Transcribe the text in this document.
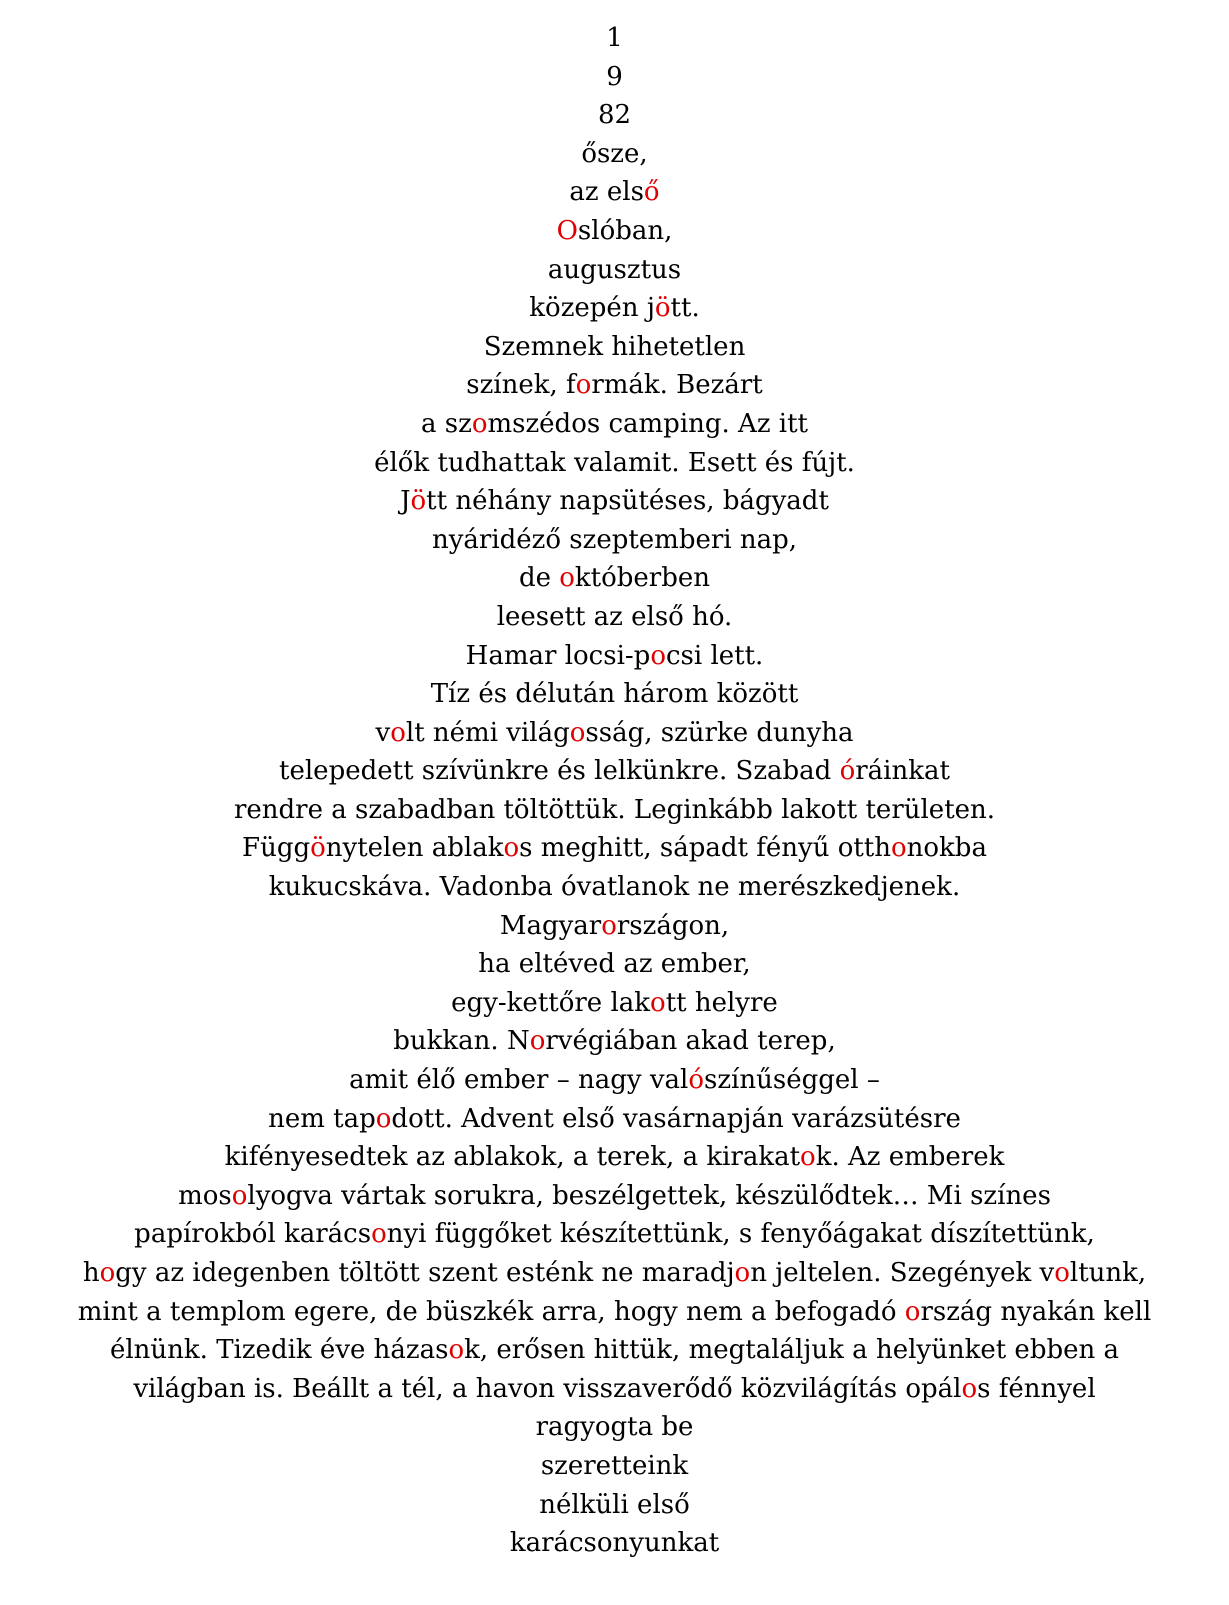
1
9
82
ősze,
az első
Oslóban,
augusztus
közepén jött.
Szemnek hihetetlen
színek, formák. Bezárt
a szomszédos camping. Az itt
élők tudhattak valamit. Esett és fújt.
Jött néhány napsütéses, bágyadt
nyáridéző szeptemberi nap,
de októberben
leesett az első hó.
Hamar locsi-pocsi lett.
Tíz és délután három között
volt némi világosság, szürke dunyha
telepedett szívünkre és lelkünkre. Szabad óráinkat
rendre a szabadban töltöttük. Leginkább lakott területen.
Függönytelen ablakos meghitt, sápadt fényű otthonokba
kukucskáva. Vadonba óvatlanok ne merészkedjenek.
Magyarországon,
ha eltéved az ember,
egy-kettőre lakott helyre
bukkan. Norvégiában akad terep,
amit élő ember – nagy valószínűséggel –
nem tapodott. Advent első vasárnapján varázsütésre
kifényesedtek az ablakok, a terek, a kirakatok. Az emberek
mosolyogva vártak sorukra, beszélgettek, készülődtek… Mi színes
papírokból karácsonyi függőket készítettünk, s fenyőágakat díszítettünk,
hogy az idegenben töltött szent esténk ne maradjon jeltelen. Szegények voltunk,
mint a templom egere, de büszkék arra, hogy nem a befogadó ország nyakán kell
élnünk. Tizedik éve házasok, erősen hittük, megtaláljuk a helyünket ebben a
világban is. Beállt a tél, a havon visszaverődő közvilágítás opálos fénnyel
ragyogta be
szeretteink
nélküli első
karácsonyunkat
